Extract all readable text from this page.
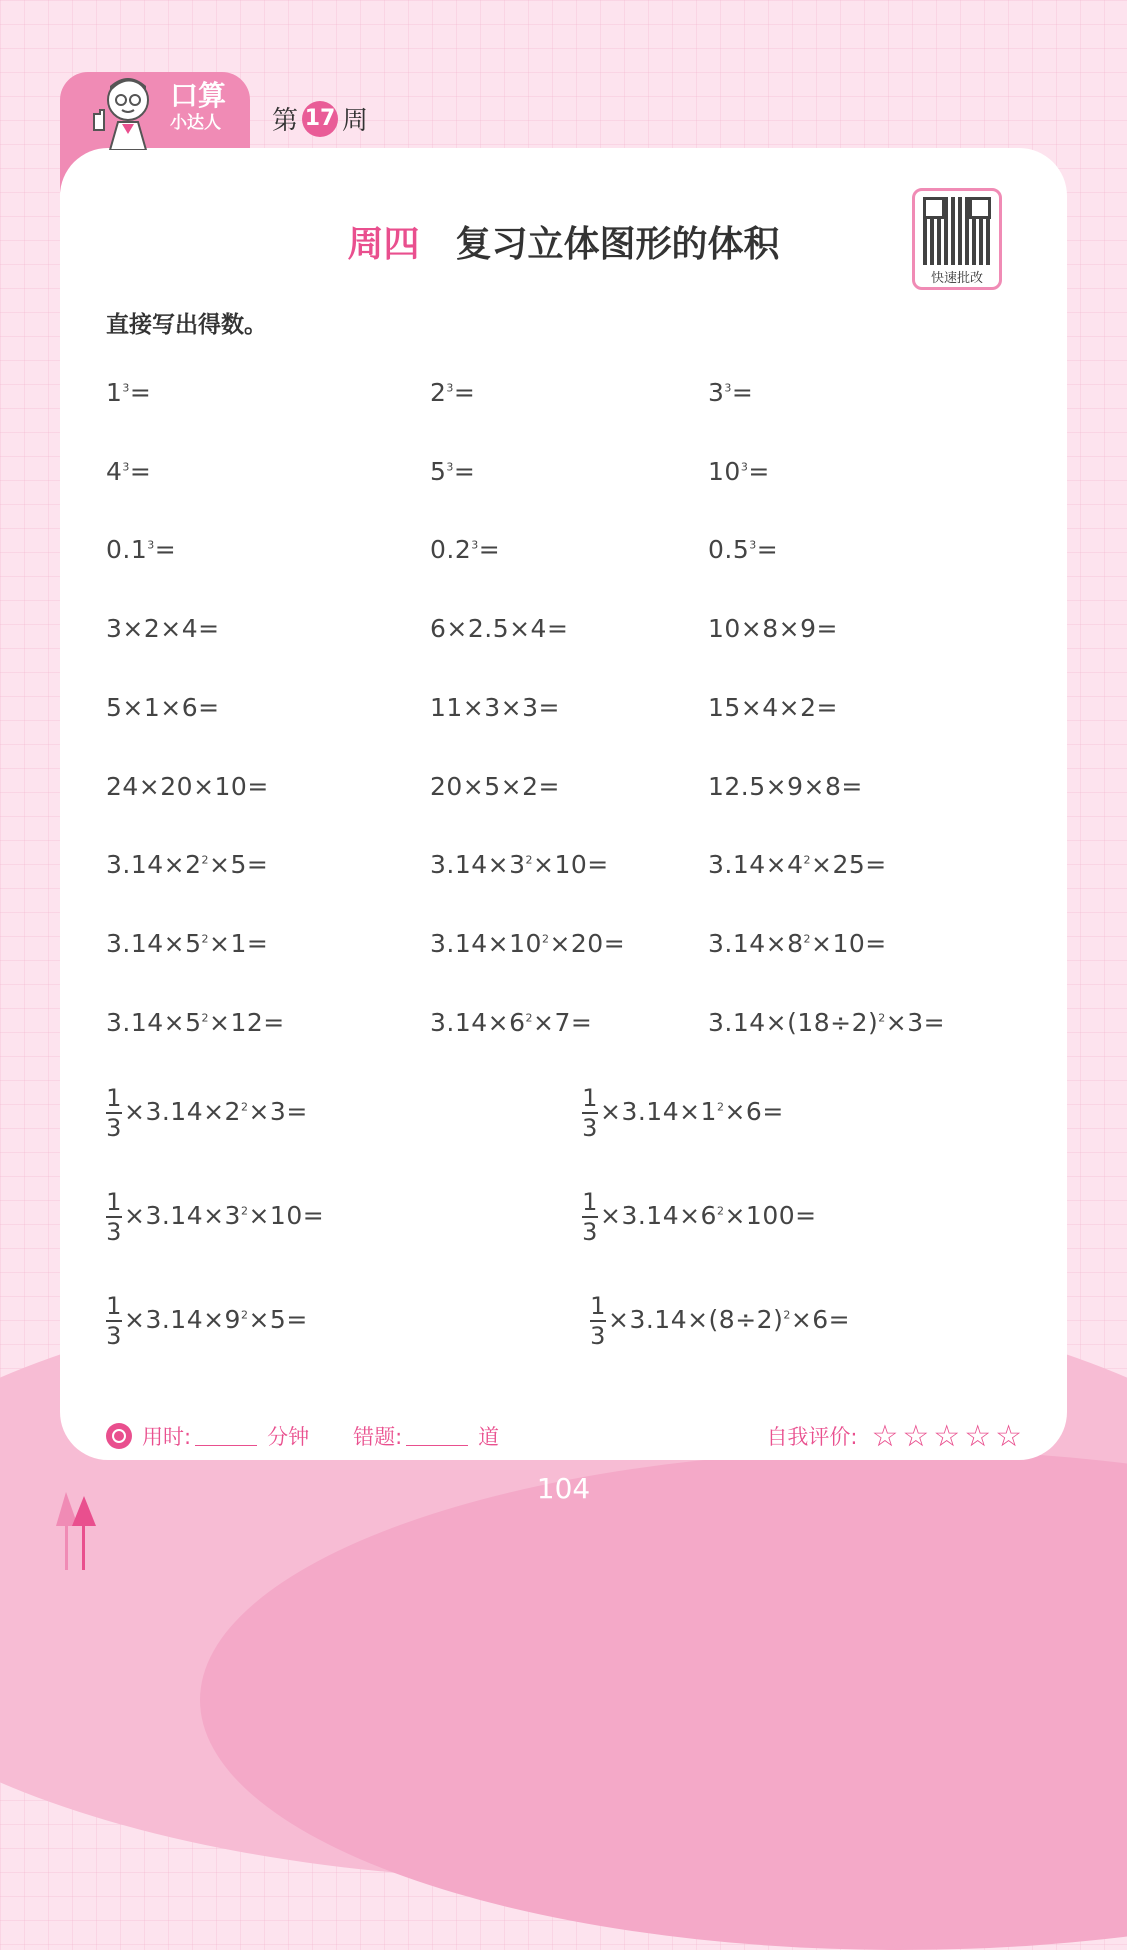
口算
小达人 第 17 周
周四 复习立体图形的体积
快速批改
直接写出得数。
$1^3=$	$2^3=$	$3^3=$
$4^3=$	$5^3=$	$10^3=$
$0.1^3=$	$0.2^3=$	$0.5^3=$
3×2×4=	6×2.5×4=	10×8×9=
5×1×6=	11×3×3=	15×4×2=
24×20×10=	20×5×2=	12.5×9×8=
$3.14\times 2^2\times 5=$	$3.14\times 3^2\times 10=$	$3.14\times 4^2\times 25=$
$3.14\times 5^2\times 1=$	$3.14\times 10^2\times 20=$	$3.14\times 8^2\times 10=$
$3.14\times 5^2\times 12=$	$3.14\times 6^2\times 7=$	$3.14\times(18\div 2)^2\times 3=$
$\frac{1}{3} \times 3.14\times 2^2\times 3=$	$\frac{1}{3} \times 3.14\times 1^2\times 6=$
$\frac{1}{3} \times 3.14\times 3^2\times 10=$	$\frac{1}{3} \times 3.14\times 6^2\times 100=$
$\frac{1}{3} \times 3.14\times 9^2\times 5=$	$\frac{1}{3} \times 3.14\times(8\div 2)^2\times 6=$
用时:	分钟 错题:	道	自我评价: ☆☆☆☆☆
104
